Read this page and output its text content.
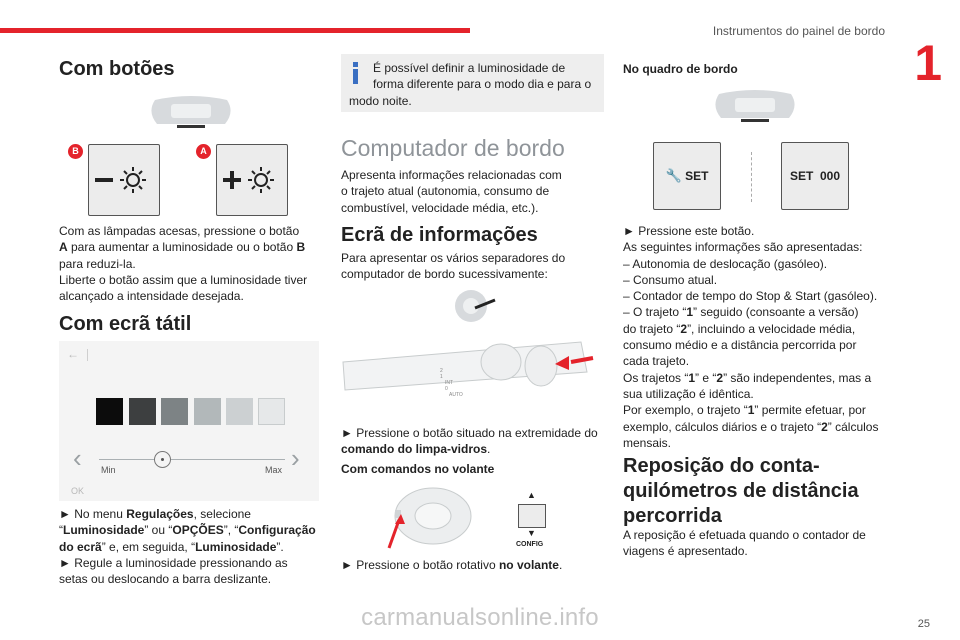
Instrumentos do painel de bordo
1
Com botões
B	A

Com as lâmpadas acesas, pressione o botão

A para aumentar a luminosidade ou o botão B

para reduzi-la.

Liberte o botão assim que a luminosidade tiver

alcançado a intensidade desejada.

Com ecrã tátil
←
‹	›
Min	Max
OK

► No menu Regulações, selecione

“Luminosidade” ou “OPÇÕES”, “Configuração

do ecrã” e, em seguida, “Luminosidade”.

► Regule a luminosidade pressionando as

setas ou deslocando a barra deslizante.

É possível definir a luminosidade de

forma diferente para o modo dia e para o

modo noite.

Computador de bordo

Apresenta informações relacionadas com

o trajeto atual (autonomia, consumo de

combustível, velocidade média, etc.).

Ecrã de informações

Para apresentar os vários separadores do

computador de bordo sucessivamente:

2
1
INT
0
AUTO

► Pressione o botão situado na extremidade do

comando do limpa-vidros.

Com comandos no volante
▲
▼
CONFIG

► Pressione o botão rotativo no volante.

No quadro de bordo
🔧 SET	SET  000

► Pressione este botão.

As seguintes informações são apresentadas:

– Autonomia de deslocação (gasóleo).

– Consumo atual.

– Contador de tempo do Stop & Start (gasóleo).

– O trajeto “1” seguido (consoante a versão)

do trajeto “2”, incluindo a velocidade média,

consumo médio e a distância percorrida por

cada trajeto.

Os trajetos “1” e “2” são independentes, mas a

sua utilização é idêntica.

Por exemplo, o trajeto “1” permite efetuar, por

exemplo, cálculos diários e o trajeto “2” cálculos

mensais.

Reposição do conta-
quilómetros de distância
percorrida

A reposição é efetuada quando o contador de

viagens é apresentado.

25
carmanualsonline.info
